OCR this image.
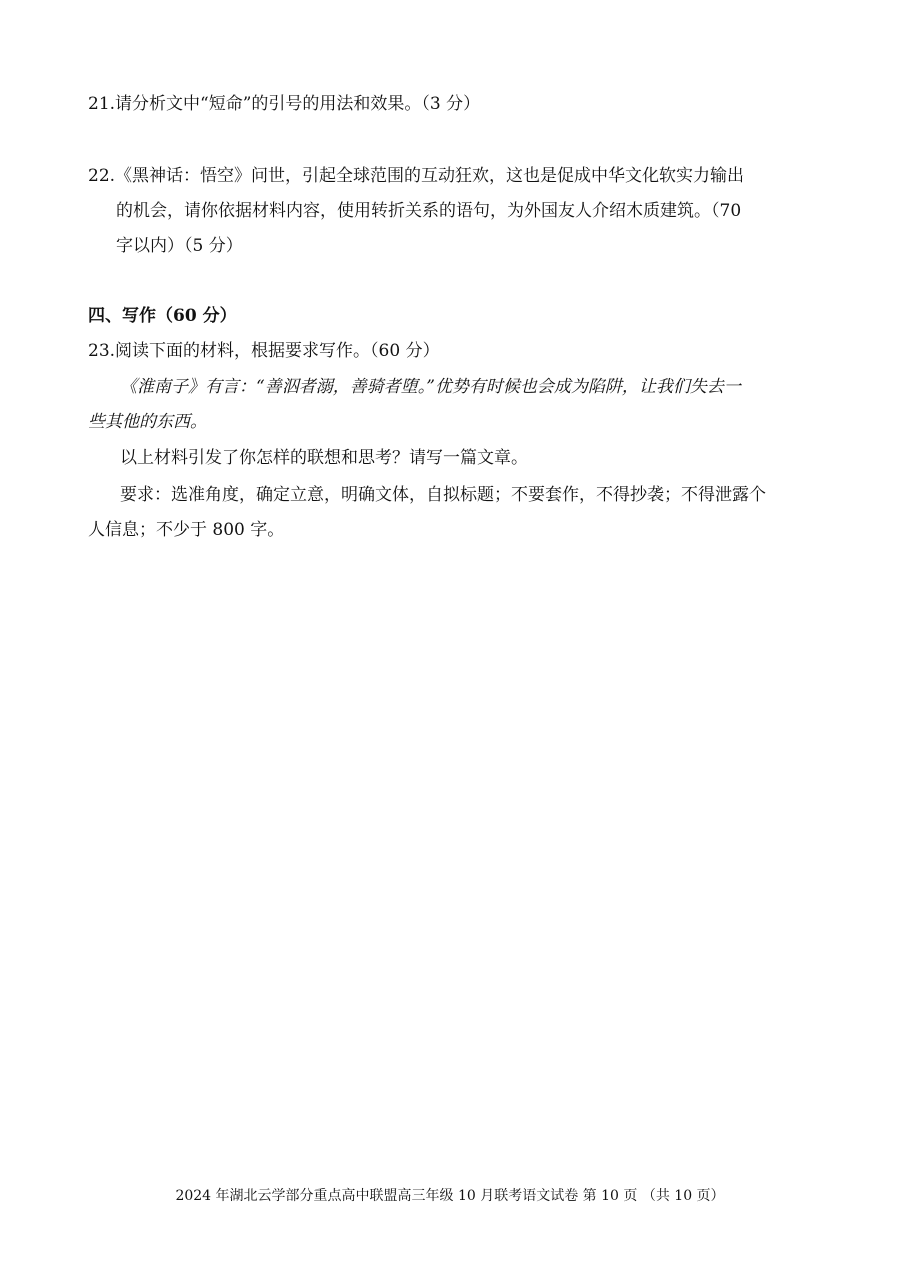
21.请分析文中“短命”的引号的用法和效果。（3 分）
22.《黑神话：悟空》问世，引起全球范围的互动狂欢，这也是促成中华文化软实力输出
的机会，请你依据材料内容，使用转折关系的语句，为外国友人介绍木质建筑。（70
字以内）（5 分）
四、写作（60 分）
23.阅读下面的材料，根据要求写作。（60 分）
《淮南子》有言：“善泅者溺，善骑者堕。”优势有时候也会成为陷阱，让我们失去一
些其他的东西。
以上材料引发了你怎样的联想和思考？请写一篇文章。
要求：选准角度，确定立意，明确文体，自拟标题；不要套作，不得抄袭；不得泄露个
人信息；不少于 800 字。
2024 年湖北云学部分重点高中联盟高三年级 10 月联考语文试卷 第 10 页 （共 10 页）
